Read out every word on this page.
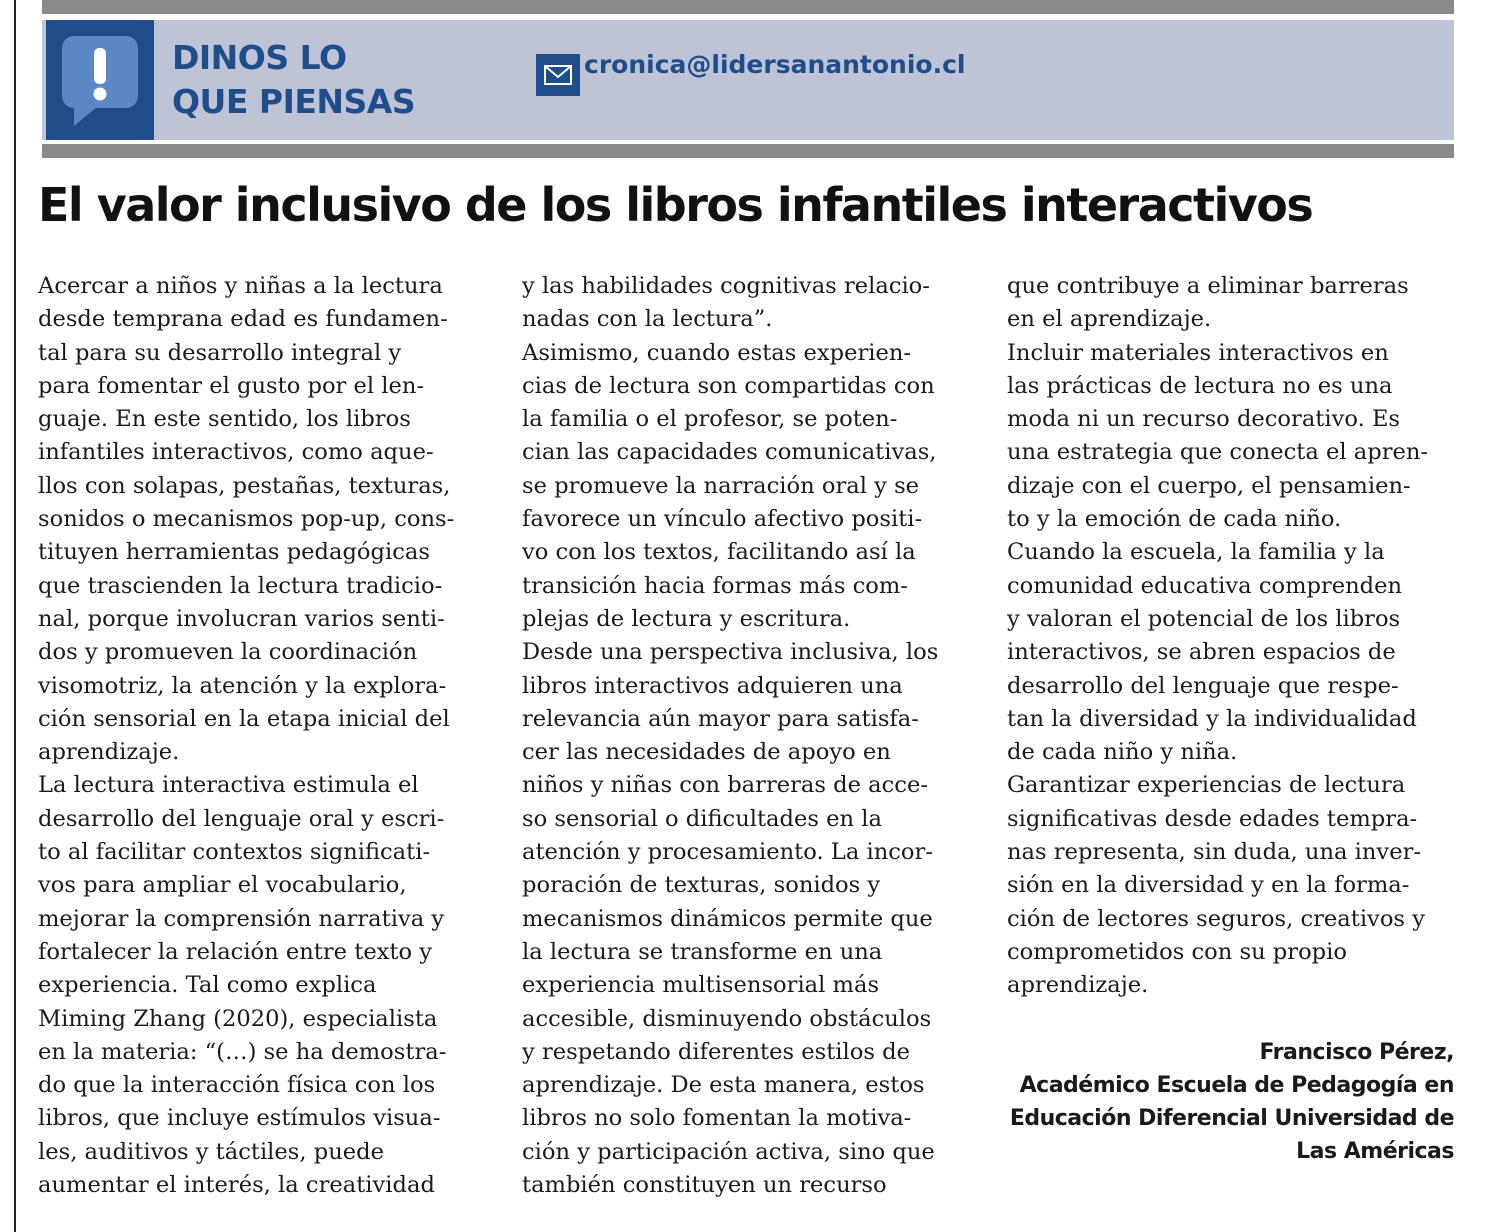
DINOS LO
QUE PIENSAS
cronica@lidersanantonio.cl
El valor inclusivo de los libros infantiles interactivos
Acercar a niños y niñas a la lectura
desde temprana edad es fundamen-
tal para su desarrollo integral y
para fomentar el gusto por el len-
guaje. En este sentido, los libros
infantiles interactivos, como aque-
llos con solapas, pestañas, texturas,
sonidos o mecanismos pop-up, cons-
tituyen herramientas pedagógicas
que trascienden la lectura tradicio-
nal, porque involucran varios senti-
dos y promueven la coordinación
visomotriz, la atención y la explora-
ción sensorial en la etapa inicial del
aprendizaje.
La lectura interactiva estimula el
desarrollo del lenguaje oral y escri-
to al facilitar contextos significati-
vos para ampliar el vocabulario,
mejorar la comprensión narrativa y
fortalecer la relación entre texto y
experiencia. Tal como explica
Miming Zhang (2020), especialista
en la materia: “(…) se ha demostra-
do que la interacción física con los
libros, que incluye estímulos visua-
les, auditivos y táctiles, puede
aumentar el interés, la creatividad
y las habilidades cognitivas relacio-
nadas con la lectura”.
Asimismo, cuando estas experien-
cias de lectura son compartidas con
la familia o el profesor, se poten-
cian las capacidades comunicativas,
se promueve la narración oral y se
favorece un vínculo afectivo positi-
vo con los textos, facilitando así la
transición hacia formas más com-
plejas de lectura y escritura.
Desde una perspectiva inclusiva, los
libros interactivos adquieren una
relevancia aún mayor para satisfa-
cer las necesidades de apoyo en
niños y niñas con barreras de acce-
so sensorial o dificultades en la
atención y procesamiento. La incor-
poración de texturas, sonidos y
mecanismos dinámicos permite que
la lectura se transforme en una
experiencia multisensorial más
accesible, disminuyendo obstáculos
y respetando diferentes estilos de
aprendizaje. De esta manera, estos
libros no solo fomentan la motiva-
ción y participación activa, sino que
también constituyen un recurso
que contribuye a eliminar barreras
en el aprendizaje.
Incluir materiales interactivos en
las prácticas de lectura no es una
moda ni un recurso decorativo. Es
una estrategia que conecta el apren-
dizaje con el cuerpo, el pensamien-
to y la emoción de cada niño.
Cuando la escuela, la familia y la
comunidad educativa comprenden
y valoran el potencial de los libros
interactivos, se abren espacios de
desarrollo del lenguaje que respe-
tan la diversidad y la individualidad
de cada niño y niña.
Garantizar experiencias de lectura
significativas desde edades tempra-
nas representa, sin duda, una inver-
sión en la diversidad y en la forma-
ción de lectores seguros, creativos y
comprometidos con su propio
aprendizaje.
Francisco Pérez,
Académico Escuela de Pedagogía en
Educación Diferencial Universidad de
Las Américas
